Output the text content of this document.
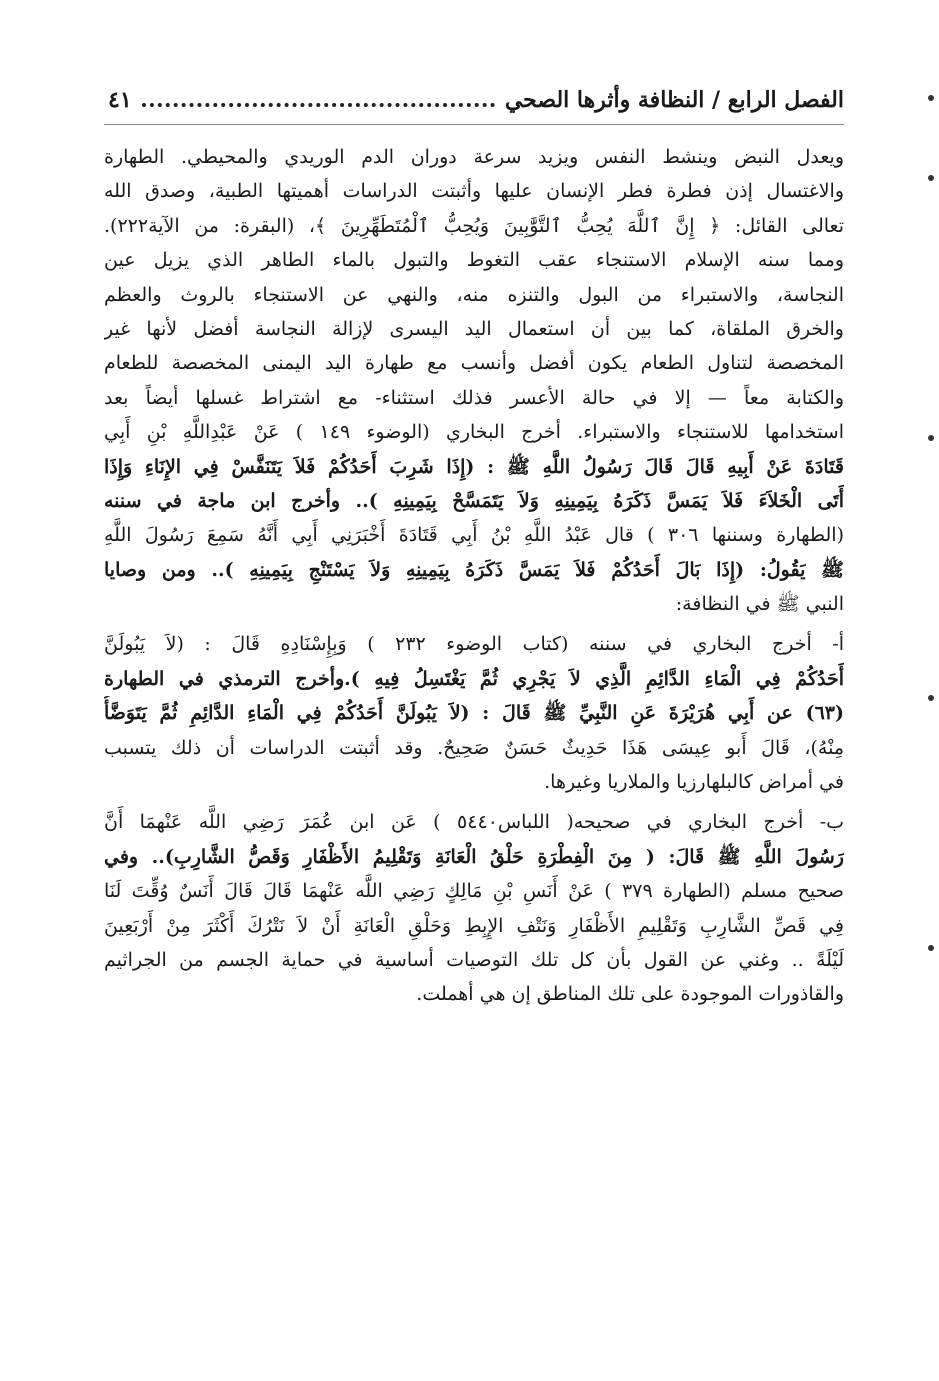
الفصل الرابع / النظافة وأثرها الصحي
٤١
ويعدل النبض وينشط النفس ويزيد سرعة دوران الدم الوريدي والمحيطي. الطهارة
والاغتسال إذن فطرة فطر الإنسان عليها وأثبتت الدراسات أهميتها الطبية، وصدق الله
تعالى القائل: ﴿ إِنَّ ٱللَّهَ يُحِبُّ ٱلتَّوَّٰبِينَ وَيُحِبُّ ٱلْمُتَطَهِّرِينَ ﴾، (البقرة: من الآية٢٢٢).
ومما سنه الإسلام الاستنجاء عقب التغوط والتبول بالماء الطاهر الذي يزيل عين
النجاسة، والاستبراء من البول والتنزه منه، والنهي عن الاستنجاء بالروث والعظم
والخرق الملقاة، كما بين أن استعمال اليد اليسرى لإزالة النجاسة أفضل لأنها غير
المخصصة لتناول الطعام يكون أفضل وأنسب مع طهارة اليد اليمنى المخصصة للطعام
والكتابة معاً — إلا في حالة الأعسر فذلك استثناء- مع اشتراط غسلها أيضاً بعد
استخدامها للاستنجاء والاستبراء. أخرج البخاري (الوضوء ١٤٩ ) عَنْ عَبْدِاللَّهِ بْنِ أَبِي
قَتَادَةَ عَنْ أَبِيهِ قَالَ قَالَ رَسُولُ اللَّهِ ﷺ : (إِذَا شَرِبَ أَحَدُكُمْ فَلاَ يَتَنَفَّسْ فِي الإِنَاءِ وَإِذَا
أَتَى الْخَلاَءَ فَلاَ يَمَسَّ ذَكَرَهُ بِيَمِينِهِ وَلاَ يَتَمَسَّحْ بِيَمِينِهِ ).. وأخرج ابن ماجة في سننه
(الطهارة وسننها ٣٠٦ ) قال عَبْدُ اللَّهِ بْنُ أَبِي قَتَادَةَ أَخْبَرَنِي أَبِي أَنَّهُ سَمِعَ رَسُولَ اللَّهِ
ﷺ يَقُولُ: (إِذَا بَالَ أَحَدُكُمْ فَلاَ يَمَسَّ ذَكَرَهُ بِيَمِينِهِ وَلاَ يَسْتَنْجِ بِيَمِينِهِ ).. ومن وصايا
النبي ﷺ في النظافة:
أ- أخرج البخاري في سننه (كتاب الوضوء ٢٣٢ ) وَبِإِسْنَادِهِ قَالَ : (لاَ يَبُولَنَّ
أَحَدُكُمْ فِي الْمَاءِ الدَّائِمِ الَّذِي لاَ يَجْرِي ثُمَّ يَغْتَسِلُ فِيهِ ).وأخرج الترمذي في الطهارة
(٦٣) عن أَبِي هُرَيْرَةَ عَنِ النَّبِيِّ ﷺ قَالَ : (لاَ يَبُولَنَّ أَحَدُكُمْ فِي الْمَاءِ الدَّائِمِ ثُمَّ يَتَوَضَّأُ
مِنْهُ)، قَالَ أَبو عِيسَى هَذَا حَدِيثٌ حَسَنٌ صَحِيحٌ. وقد أثبتت الدراسات أن ذلك يتسبب
في أمراض كالبلهارزيا والملاريا وغيرها.
ب- أخرج البخاري في صحيحه( اللباس٥٤٤٠ ) عَن ابن عُمَرَ رَضِي اللَّه عَنْهمَا أَنَّ
رَسُولَ اللَّهِ ﷺ قَالَ: ( مِنَ الْفِطْرَةِ حَلْقُ الْعَانَةِ وَتَقْلِيمُ الأَظْفَارِ وَقَصُّ الشَّارِبِ).. وفي
صحيح مسلم (الطهارة ٣٧٩ ) عَنْ أَنَسِ بْنِ مَالِكٍ رَضِي اللَّه عَنْهمَا قَالَ قَالَ أَنَسٌ وُقِّتَ لَنَا
فِي قَصِّ الشَّارِبِ وَتَقْلِيمِ الأَظْفَارِ وَنَتْفِ الإِبِطِ وَحَلْقِ الْعَانَةِ أَنْ لاَ نَتْرُكَ أَكْثَرَ مِنْ أَرْبَعِينَ
لَيْلَةً .. وغني عن القول بأن كل تلك التوصيات أساسية في حماية الجسم من الجراثيم
والقاذورات الموجودة على تلك المناطق إن هي أهملت.
